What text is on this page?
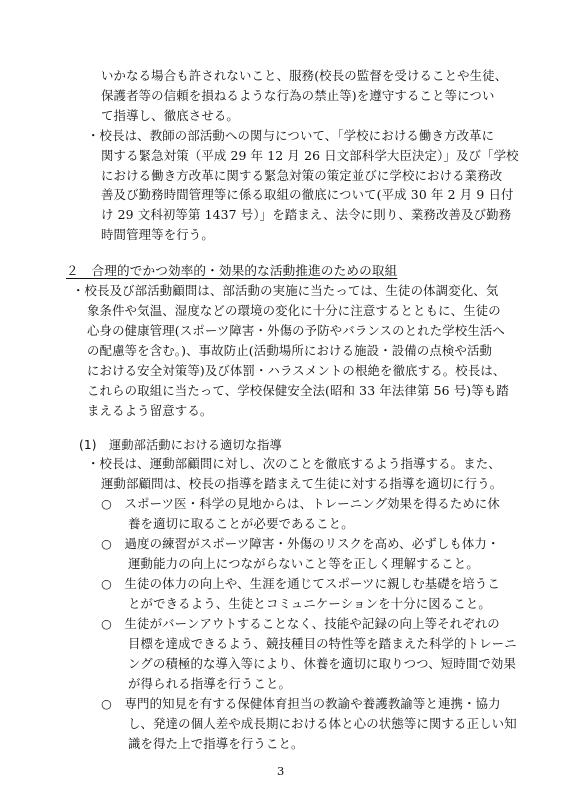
いかなる場合も許されないこと、服務(校長の監督を受けることや生徒、
保護者等の信頼を損ねるような行為の禁止等)を遵守すること等につい
て指導し、徹底させる。
・校長は、教師の部活動への関与について、「学校における働き方改革に
関する緊急対策（平成 29 年 12 月 26 日文部科学大臣決定）」及び「学校
における働き方改革に関する緊急対策の策定並びに学校における業務改
善及び勤務時間管理等に係る取組の徹底について(平成 30 年 2 月 9 日付
け 29 文科初等第 1437 号）」を踏まえ、法令に則り、業務改善及び勤務
時間管理等を行う。
２　合理的でかつ効率的・効果的な活動推進のための取組
・校長及び部活動顧問は、部活動の実施に当たっては、生徒の体調変化、気
象条件や気温、湿度などの環境の変化に十分に注意するとともに、生徒の
心身の健康管理(スポーツ障害・外傷の予防やバランスのとれた学校生活へ
の配慮等を含む。)、事故防止(活動場所における施設・設備の点検や活動
における安全対策等)及び体罰・ハラスメントの根絶を徹底する。校長は、
これらの取組に当たって、学校保健安全法(昭和 33 年法律第 56 号)等も踏
まえるよう留意する。
(1)　運動部活動における適切な指導
・校長は、運動部顧問に対し、次のことを徹底するよう指導する。また、
運動部顧問は、校長の指導を踏まえて生徒に対する指導を適切に行う。
○　スポーツ医・科学の見地からは、トレーニング効果を得るために休
養を適切に取ることが必要であること。
○　過度の練習がスポーツ障害・外傷のリスクを高め、必ずしも体力・
運動能力の向上につながらないこと等を正しく理解すること。
○　生徒の体力の向上や、生涯を通じてスポーツに親しむ基礎を培うこ
とができるよう、生徒とコミュニケーションを十分に図ること。
○　生徒がバーンアウトすることなく、技能や記録の向上等それぞれの
目標を達成できるよう、競技種目の特性等を踏まえた科学的トレーニ
ングの積極的な導入等により、休養を適切に取りつつ、短時間で効果
が得られる指導を行うこと。
○　専門的知見を有する保健体育担当の教諭や養護教諭等と連携・協力
し、発達の個人差や成長期における体と心の状態等に関する正しい知
識を得た上で指導を行うこと。
3
